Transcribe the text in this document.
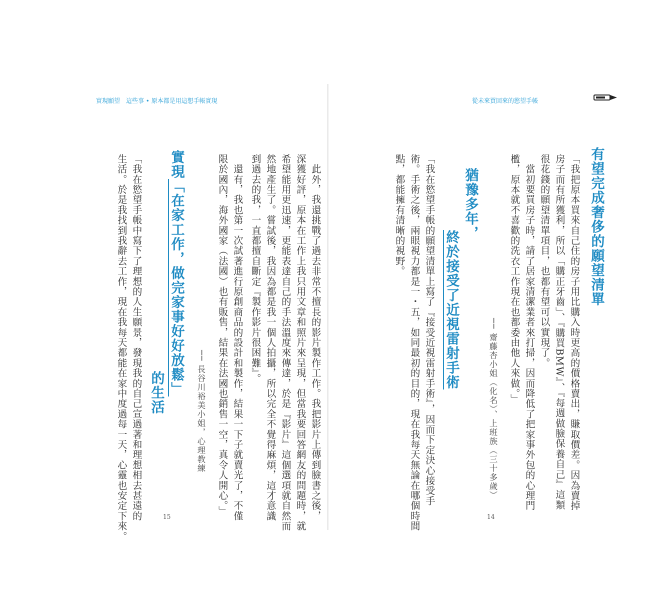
實現願望　這些事 • 原本都是用這想手帳實現	從未來買回來的慾望手帳
有望完成奢侈的願望清單
「我把原本買來自己住的房子用比購入時更高的價格賣出，賺取價差。因為賣掉
房子而有所獲利，所以「購正牙齒」、『購買BMW』、『每週做臉保養自己』這類
很花錢的願望清單項目，也都有望可以實現了。
　當初要買房子時，請了居家清潔業者來打掃，因而降低了把家事外包的心理門
檻，原本就不喜歡的洗衣工作現在也都委由他人來做。」
── 齋藤杏小姐（化名）、上班族（三十多歲）
猶豫多年，
終於接受了近視雷射手術
「我在慾望手帳的願望清單上寫了『接受近視雷射手術』，因而下定決心接受手
術。手術之後，兩眼視力都是一・五，如同最初的目的，現在我每天無論在哪個時間
點，都能擁有清晰的視野。
14
　此外，我還挑戰了過去非常不擅長的影片製作工作。我把影片上傳到臉書之後，
深獲好評，原本在工作上我只用文章和照片來呈現，但當我要回答網友的問題時，就
希望能用更迅速，更能表達自己的手法溫度來傳達，於是『影片』這個選項就自然而
然地產生了。嘗試後，我因為都是我一個人拍攝，所以完全不覺得麻煩，這才意識
到過去的我，一直都擅自斷定『製作影片很困難』。
　還有，我也第一次試著進行原創商品的設計和製作，結果一下子就賣光了，不僅
限於國內，海外國家（法國）也有販售，結果在法國也銷售一空，真令人開心。」
── 長谷川裕美小姐，心理教練
實現「在家工作，做完家事好好放鬆」
的生活
「我在慾望手帳中寫下了理想的人生願景，發現我的自己宣過著和理想相去甚遠的
生活。於是我找到我辭去工作，現在我每天都能在家中度過每一天，心靈也安定下來。	15
